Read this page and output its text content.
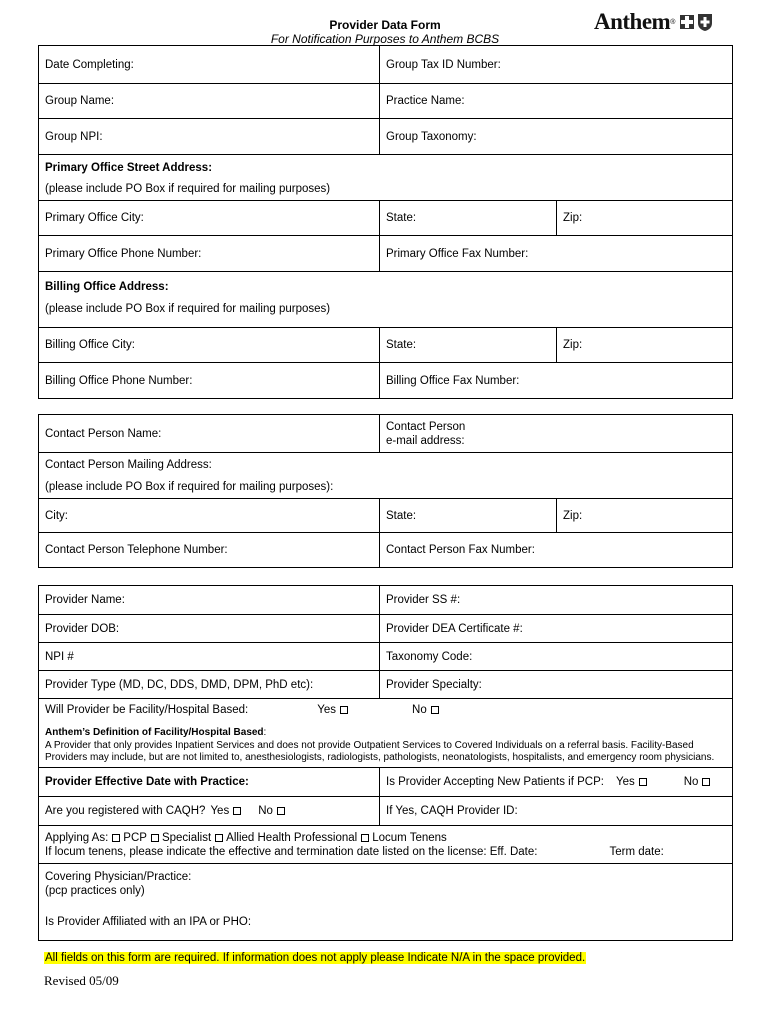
Provider Data Form
For Notification Purposes to Anthem BCBS
Anthem ®
Date Completing:	Group Tax ID Number:	
Group Name:	Practice Name:	
Group NPI:	Group Taxonomy:	
Primary Office Street Address:		
(please include PO Box if required for mailing purposes)		
Primary Office City:	State:	Zip:
Primary Office Phone Number:	Primary Office Fax Number:	
Billing Office Address:		
(please include PO Box if required for mailing purposes)		
Billing Office City:	State:	Zip:
Billing Office Phone Number:	Billing Office Fax Number:	
Contact Person Name:	Contact Person
e-mail address:	

Contact Person Mailing Address:		
(please include PO Box if required for mailing purposes):		
City:	State:	Zip:
Contact Person Telephone Number:	Contact Person Fax Number:	
Provider Name:	Provider SS #:
Provider DOB:	Provider DEA Certificate #:
NPI #	Taxonomy Code:
Provider Type (MD, DC, DDS, DMD, DPM, PhD etc):	Provider Specialty:
Will Provider be Facility/Hospital Based: Yes No	

Anthem’s Definition of Facility/Hospital Based:
A Provider that only provides Inpatient Services and does not provide Outpatient Services to Covered Individuals on a referral basis. Facility-Based
Providers may include, but are not limited to, anesthesiologists, radiologists, pathologists, neonatologists, hospitalists, and emergency room physicians.	

Provider Effective Date with Practice:	Is Provider Accepting New Patients if PCP: Yes No
Are you registered with CAQH? Yes No	If Yes, CAQH Provider ID:

Applying As: PCP Specialist Allied Health Professional Locum Tenens
If locum tenens, please indicate the effective and termination date listed on the license: Eff. Date: Term date:	

Covering Physician/Practice:
(pcp practices only)	

Is Provider Affiliated with an IPA or PHO:	
All fields on this form are required. If information does not apply please Indicate N/A in the space provided.
Revised 05/09
